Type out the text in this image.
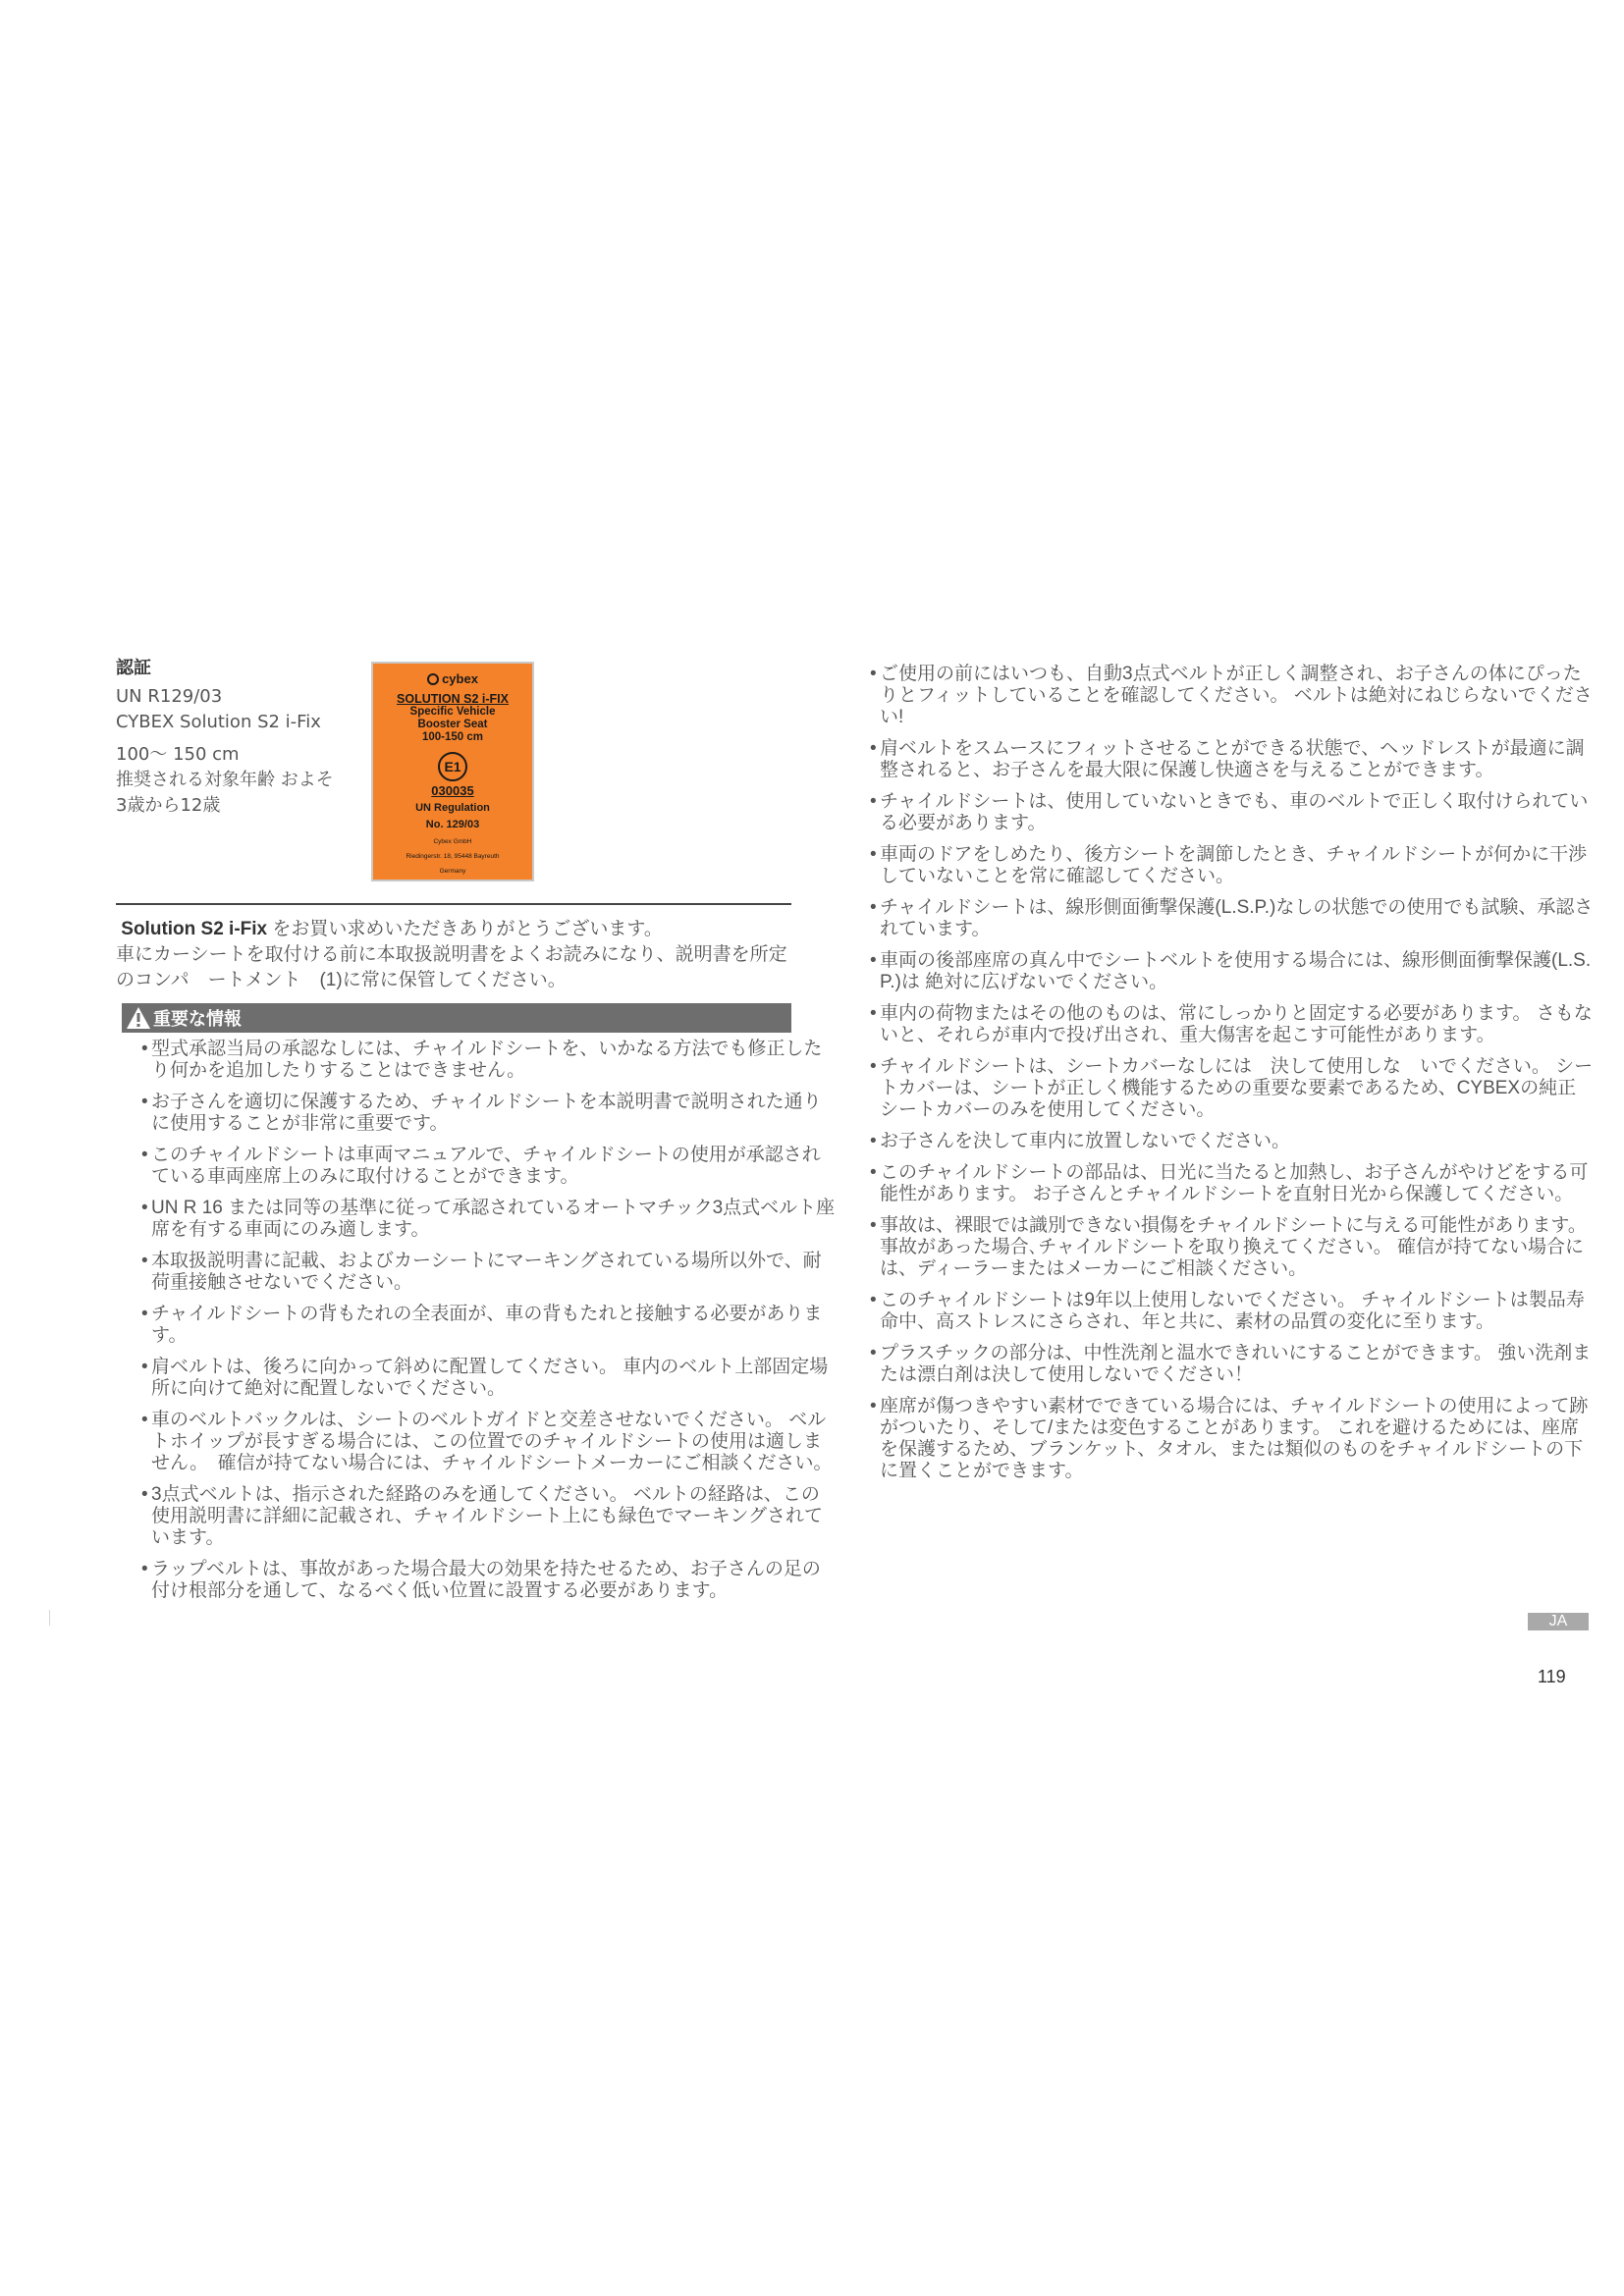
認証
UN R129/03
CYBEX Solution S2 i-Fix
100～ 150 cm
推奨される対象年齢 およそ
3歳から12歳
cybex
SOLUTION S2 i-FIX
Specific Vehicle
Booster Seat
100-150 cm
E1
030035
UN Regulation
No. 129/03
Cybex GmbH
Riedingerstr. 18, 95448 Bayreuth
Germany
Solution S2 i-Fix をお買い求めいただきありがとうございます。
車にカーシートを取付ける前に本取扱説明書をよくお読みになり、説明書を所定
のコンパ　ートメント　(1)に常に保管してください。
重要な情報
• 型式承認当局の承認なしには、チャイルドシートを、いかなる方法でも修正したり何かを追加したりすることはできません。
• お子さんを適切に保護するため、チャイルドシートを本説明書で説明された通りに使用することが非常に重要です。
• このチャイルドシートは車両マニュアルで、チャイルドシートの使用が承認されている車両座席上のみに取付けることができます。
• UN R 16 または同等の基準に従って承認されているオートマチック3点式ベルト座席を有する車両にのみ適します。
• 本取扱説明書に記載、およびカーシートにマーキングされている場所以外で、耐荷重接触させないでください。
• チャイルドシートの背もたれの全表面が、車の背もたれと接触する必要があります。
• 肩ベルトは、後ろに向かって斜めに配置してください。 車内のベルト上部固定場所に向けて絶対に配置しないでください。
• 車のベルトバックルは、シートのベルトガイドと交差させないでください。 ベルトホイップが長すぎる場合には、この位置でのチャイルドシートの使用は適しません。　確信が持てない場合には、チャイルドシートメーカーにご相談ください。
• 3点式ベルトは、指示された経路のみを通してください。 ベルトの経路は、この使用説明書に詳細に記載され、チャイルドシート上にも緑色でマーキングされています。
• ラップベルトは、事故があった場合最大の効果を持たせるため、お子さんの足の付け根部分を通して、なるべく低い位置に設置する必要があります。
• ご使用の前にはいつも、自動3点式ベルトが正しく調整され、お子さんの体にぴったりとフィットしていることを確認してください。 ベルトは絶対にねじらないでください!
• 肩ベルトをスムースにフィットさせることができる状態で、ヘッドレストが最適に調整されると、お子さんを最大限に保護し快適さを与えることができます。
• チャイルドシートは、使用していないときでも、車のベルトで正しく取付けられている必要があります。
• 車両のドアをしめたり、後方シートを調節したとき、チャイルドシートが何かに干渉していないことを常に確認してください。
• チャイルドシートは、線形側面衝撃保護(L.S.P.)なしの状態での使用でも試験、承認されています。
• 車両の後部座席の真ん中でシートベルトを使用する場合には、線形側面衝撃保護(L.S.P.)は 絶対に広げないでください。
• 車内の荷物またはその他のものは、常にしっかりと固定する必要があります。 さもないと、それらが車内で投げ出され、重大傷害を起こす可能性があります。
• チャイルドシートは、シートカバーなしには　決して使用しな　いでください。 シートカバーは、シートが正しく機能するための重要な要素であるため、CYBEXの純正シートカバーのみを使用してください。
• お子さんを決して車内に放置しないでください。
• このチャイルドシートの部品は、日光に当たると加熱し、お子さんがやけどをする可能性があります。 お子さんとチャイルドシートを直射日光から保護してください。
• 事故は、裸眼では識別できない損傷をチャイルドシートに与える可能性があります。 事故があった場合､チャイルドシートを取り換えてください。 確信が持てない場合には、ディーラーまたはメーカーにご相談ください。
• このチャイルドシートは9年以上使用しないでください。 チャイルドシートは製品寿命中、高ストレスにさらされ、年と共に、素材の品質の変化に至ります。
• プラスチックの部分は、中性洗剤と温水できれいにすることができます。 強い洗剤または漂白剤は決して使用しないでください！
• 座席が傷つきやすい素材でできている場合には、チャイルドシートの使用によって跡がついたり、そして/または変色することがあります。 これを避けるためには、座席を保護するため、ブランケット、タオル、または類似のものをチャイルドシートの下に置くことができます。
JA
119
